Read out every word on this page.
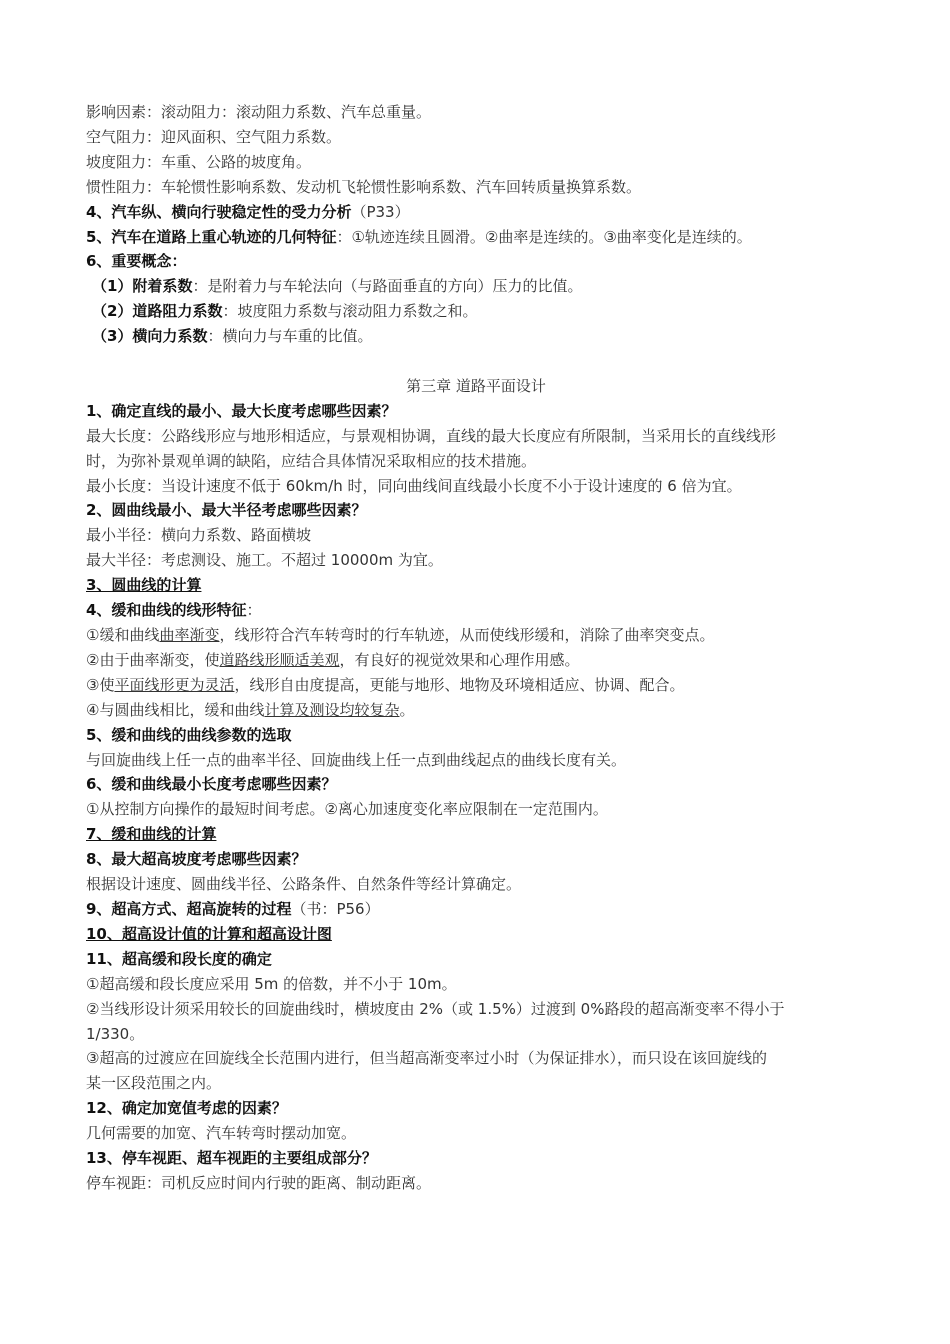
影响因素：滚动阻力：滚动阻力系数、汽车总重量。

空气阻力：迎风面积、空气阻力系数。

坡度阻力：车重、公路的坡度角。

惯性阻力：车轮惯性影响系数、发动机飞轮惯性影响系数、汽车回转质量换算系数。

4、汽车纵、横向行驶稳定性的受力分析（P33）

5、汽车在道路上重心轨迹的几何特征：①轨迹连续且圆滑。②曲率是连续的。③曲率变化是连续的。

6、重要概念：

（1）附着系数：是附着力与车轮法向（与路面垂直的方向）压力的比值。

（2）道路阻力系数：坡度阻力系数与滚动阻力系数之和。

（3）横向力系数：横向力与车重的比值。

第三章 道路平面设计

1、确定直线的最小、最大长度考虑哪些因素？

最大长度：公路线形应与地形相适应，与景观相协调，直线的最大长度应有所限制，当采用长的直线线形

时，为弥补景观单调的缺陷，应结合具体情况采取相应的技术措施。

最小长度：当设计速度不低于 60km/h 时，同向曲线间直线最小长度不小于设计速度的 6 倍为宜。

2、圆曲线最小、最大半径考虑哪些因素？

最小半径：横向力系数、路面横坡

最大半径：考虑测设、施工。不超过 10000m 为宜。

3、圆曲线的计算

4、缓和曲线的线形特征：

①缓和曲线曲率渐变，线形符合汽车转弯时的行车轨迹，从而使线形缓和，消除了曲率突变点。

②由于曲率渐变，使道路线形顺适美观，有良好的视觉效果和心理作用感。

③使平面线形更为灵活，线形自由度提高，更能与地形、地物及环境相适应、协调、配合。

④与圆曲线相比，缓和曲线计算及测设均较复杂。

5、缓和曲线的曲线参数的选取

与回旋曲线上任一点的曲率半径、回旋曲线上任一点到曲线起点的曲线长度有关。

6、缓和曲线最小长度考虑哪些因素？

①从控制方向操作的最短时间考虑。②离心加速度变化率应限制在一定范围内。

7、缓和曲线的计算

8、最大超高坡度考虑哪些因素？

根据设计速度、圆曲线半径、公路条件、自然条件等经计算确定。

9、超高方式、超高旋转的过程（书：P56）

10、超高设计值的计算和超高设计图

11、超高缓和段长度的确定

①超高缓和段长度应采用 5m 的倍数，并不小于 10m。

②当线形设计须采用较长的回旋曲线时，横坡度由 2%（或 1.5%）过渡到 0%路段的超高渐变率不得小于

1/330。

③超高的过渡应在回旋线全长范围内进行，但当超高渐变率过小时（为保证排水），而只设在该回旋线的

某一区段范围之内。

12、确定加宽值考虑的因素？

几何需要的加宽、汽车转弯时摆动加宽。

13、停车视距、超车视距的主要组成部分？

停车视距：司机反应时间内行驶的距离、制动距离。
